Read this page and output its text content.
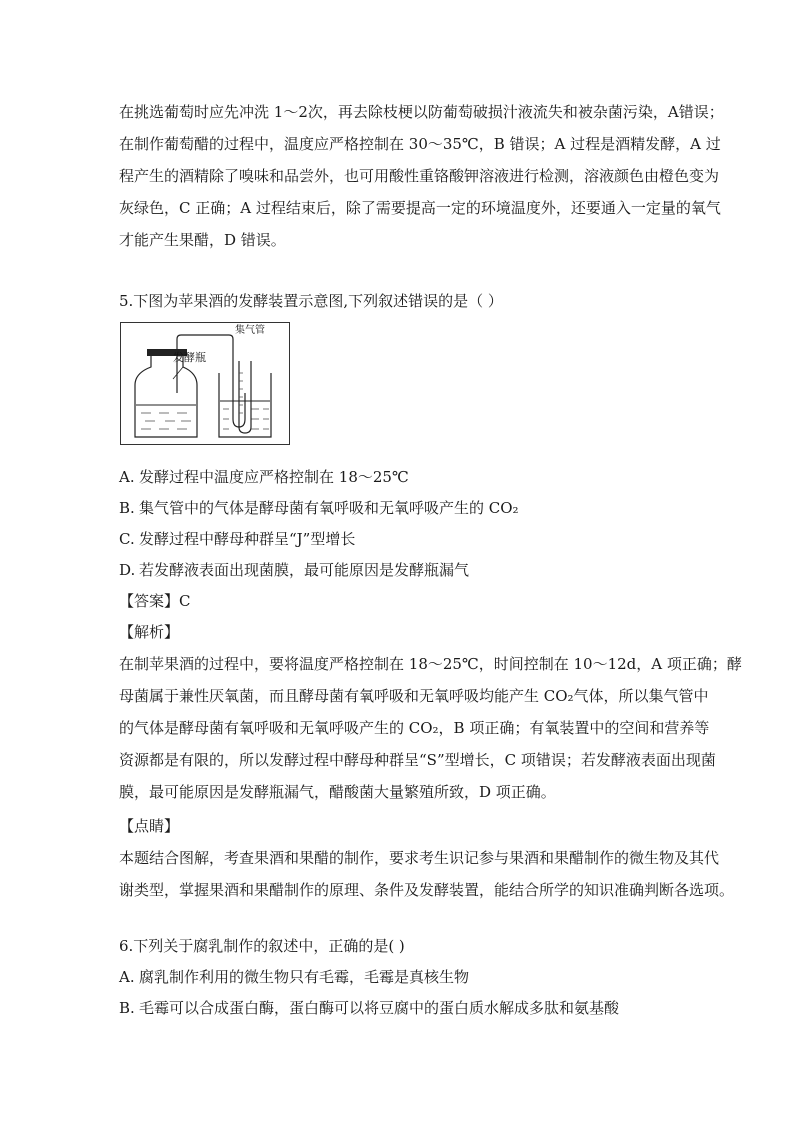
在挑选葡萄时应先冲洗 1～2次，再去除枝梗以防葡萄破损汁液流失和被杂菌污染，A错误；
在制作葡萄醋的过程中，温度应严格控制在 30～35℃，B 错误；A 过程是酒精发酵，A 过
程产生的酒精除了嗅味和品尝外，也可用酸性重铬酸钾溶液进行检测，溶液颜色由橙色变为
灰绿色，C 正确；A 过程结束后，除了需要提高一定的环境温度外，还要通入一定量的氧气
才能产生果醋，D 错误。

5.下图为苹果酒的发酵装置示意图,下列叙述错误的是（ ）

发酵瓶
集气管

A. 发酵过程中温度应严格控制在 18～25℃

B. 集气管中的气体是酵母菌有氧呼吸和无氧呼吸产生的 CO₂

C. 发酵过程中酵母种群呈“J”型增长

D. 若发酵液表面出现菌膜，最可能原因是发酵瓶漏气

【答案】C

【解析】

在制苹果酒的过程中，要将温度严格控制在 18～25℃，时间控制在 10～12d，A 项正确；酵
母菌属于兼性厌氧菌，而且酵母菌有氧呼吸和无氧呼吸均能产生 CO₂气体，所以集气管中
的气体是酵母菌有氧呼吸和无氧呼吸产生的 CO₂，B 项正确；有氧装置中的空间和营养等
资源都是有限的，所以发酵过程中酵母种群呈“S”型增长，C 项错误；若发酵液表面出现菌
膜，最可能原因是发酵瓶漏气，醋酸菌大量繁殖所致，D 项正确。

【点睛】

本题结合图解，考查果酒和果醋的制作，要求考生识记参与果酒和果醋制作的微生物及其代
谢类型，掌握果酒和果醋制作的原理、条件及发酵装置，能结合所学的知识准确判断各选项。

6.下列关于腐乳制作的叙述中，正确的是( )

A. 腐乳制作利用的微生物只有毛霉，毛霉是真核生物

B. 毛霉可以合成蛋白酶，蛋白酶可以将豆腐中的蛋白质水解成多肽和氨基酸
